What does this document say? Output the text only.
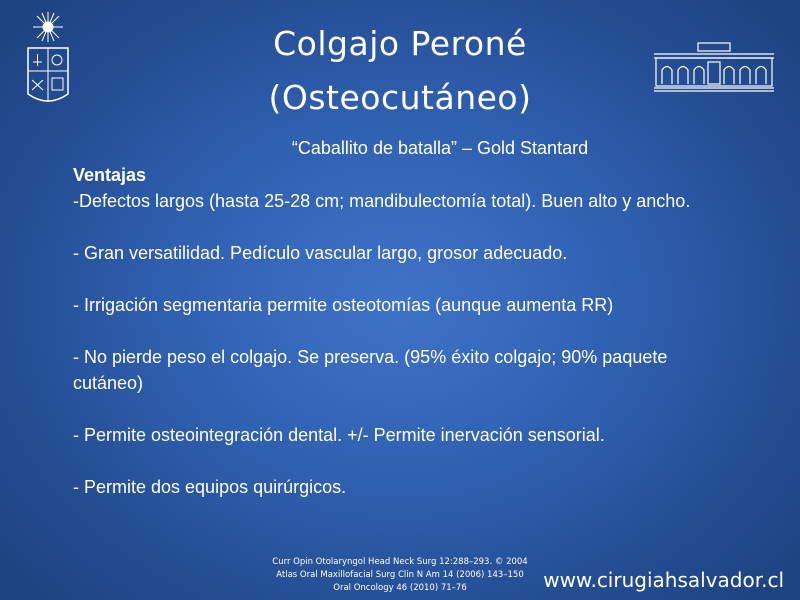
Colgajo Peroné
(Osteocutáneo)
“Caballito de batalla” – Gold Stantard

Ventajas

-Defectos largos (hasta 25-28 cm; mandibulectomía total). Buen alto y ancho.

- Gran versatilidad. Pedículo vascular largo, grosor adecuado.

- Irrigación segmentaria permite osteotomías (aunque aumenta RR)

- No pierde peso el colgajo. Se preserva. (95% éxito colgajo; 90% paquete cutáneo)

- Permite osteointegración dental. +/- Permite inervación sensorial.

- Permite dos equipos quirúrgicos.

Curr Opin Otolaryngol Head Neck Surg 12:288–293. © 2004
Atlas Oral Maxillofacial Surg Clin N Am 14 (2006) 143–150
Oral Oncology 46 (2010) 71–76	www.cirugiahsalvador.cl
